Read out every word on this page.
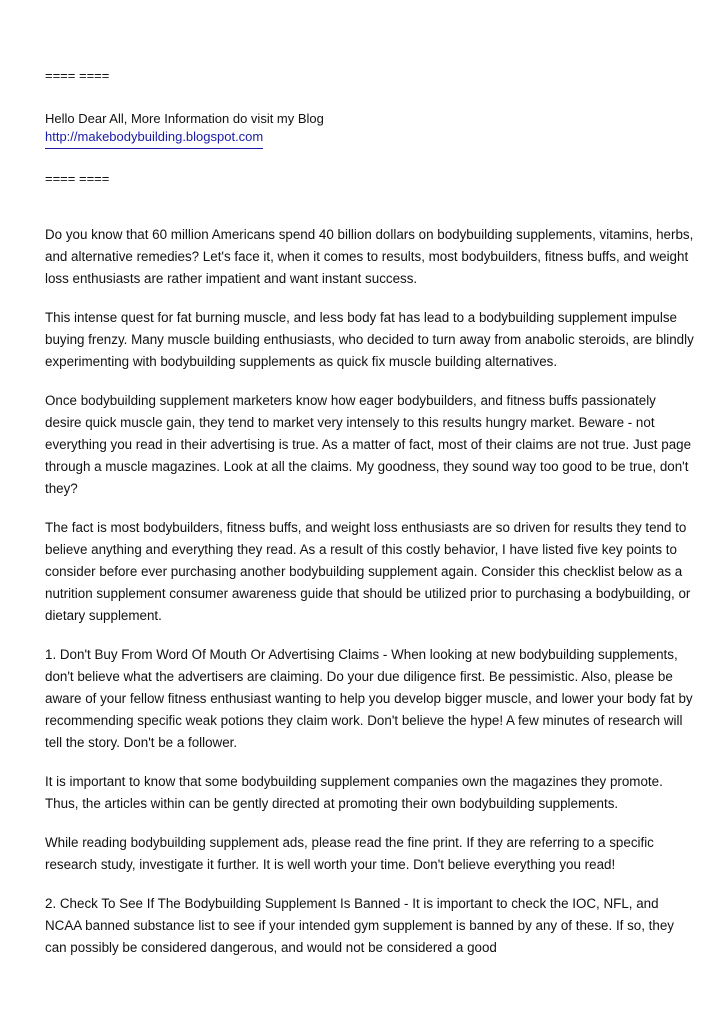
==== ====

Hello Dear All, More Information do visit my Blog

http://makebodybuilding.blogspot.com

==== ====

Do you know that 60 million Americans spend 40 billion dollars on bodybuilding supplements, vitamins, herbs, and alternative remedies? Let's face it, when it comes to results, most bodybuilders, fitness buffs, and weight loss enthusiasts are rather impatient and want instant success.

This intense quest for fat burning muscle, and less body fat has lead to a bodybuilding supplement impulse buying frenzy. Many muscle building enthusiasts, who decided to turn away from anabolic steroids, are blindly experimenting with bodybuilding supplements as quick fix muscle building alternatives.

Once bodybuilding supplement marketers know how eager bodybuilders, and fitness buffs passionately desire quick muscle gain, they tend to market very intensely to this results hungry market. Beware - not everything you read in their advertising is true. As a matter of fact, most of their claims are not true. Just page through a muscle magazines. Look at all the claims. My goodness, they sound way too good to be true, don't they?

The fact is most bodybuilders, fitness buffs, and weight loss enthusiasts are so driven for results they tend to believe anything and everything they read. As a result of this costly behavior, I have listed five key points to consider before ever purchasing another bodybuilding supplement again. Consider this checklist below as a nutrition supplement consumer awareness guide that should be utilized prior to purchasing a bodybuilding, or dietary supplement.

1. Don't Buy From Word Of Mouth Or Advertising Claims - When looking at new bodybuilding supplements, don't believe what the advertisers are claiming. Do your due diligence first. Be pessimistic. Also, please be aware of your fellow fitness enthusiast wanting to help you develop bigger muscle, and lower your body fat by recommending specific weak potions they claim work. Don't believe the hype! A few minutes of research will tell the story. Don't be a follower.

It is important to know that some bodybuilding supplement companies own the magazines they promote. Thus, the articles within can be gently directed at promoting their own bodybuilding supplements.

While reading bodybuilding supplement ads, please read the fine print. If they are referring to a specific research study, investigate it further. It is well worth your time. Don't believe everything you read!

2. Check To See If The Bodybuilding Supplement Is Banned - It is important to check the IOC, NFL, and NCAA banned substance list to see if your intended gym supplement is banned by any of these. If so, they can possibly be considered dangerous, and would not be considered a good
